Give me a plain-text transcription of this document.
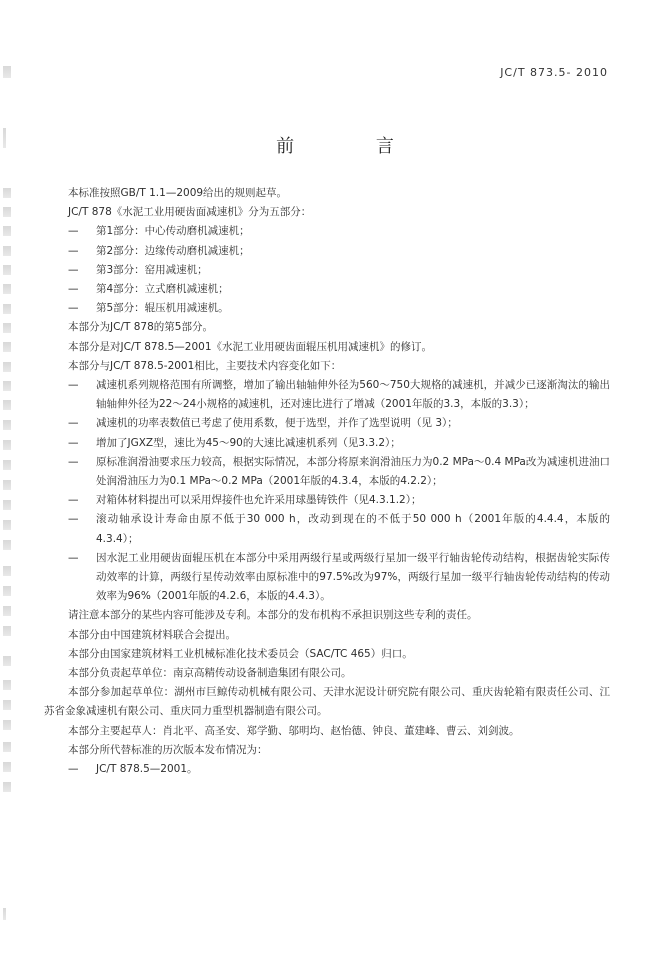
JC/T 873.5- 2010
前 言

本标准按照GB/T 1.1—2009给出的规则起草。

JC/T 878《水泥工业用硬齿面减速机》分为五部分：

—	第1部分：中心传动磨机减速机；
—	第2部分：边缘传动磨机减速机；
—	第3部分：窑用减速机；
—	第4部分：立式磨机减速机；
—	第5部分：辊压机用减速机。

本部分为JC/T 878的第5部分。

本部分是对JC/T 878.5—2001《水泥工业用硬齿面辊压机用减速机》的修订。

本部分与JC/T 878.5-2001相比，主要技术内容变化如下：

—	减速机系列规格范围有所调整，增加了输出轴轴伸外径为560～750大规格的减速机，并减少已逐渐淘汰的输出轴轴伸外径为22～24小规格的减速机，还对速比进行了增减（2001年版的3.3，本版的3.3）；
—	减速机的功率表数值已考虑了使用系数，便于选型，并作了选型说明（见 3）；
—	增加了JGXZ型，速比为45～90的大速比减速机系列（见3.3.2）；
—	原标准润滑油要求压力较高，根据实际情况，本部分将原来润滑油压力为0.2 MPa～0.4 MPa改为减速机进油口处润滑油压力为0.1 MPa～0.2 MPa（2001年版的4.3.4，本版的4.2.2）；
—	对箱体材料提出可以采用焊接件也允许采用球墨铸铁件（见4.3.1.2）；
—	滚动轴承设计寿命由原不低于30 000 h，改动到现在的不低于50 000 h（2001年版的4.4.4，本版的4.3.4）；
—	因水泥工业用硬齿面辊压机在本部分中采用两级行星或两级行星加一级平行轴齿轮传动结构，根据齿轮实际传动效率的计算，两级行星传动效率由原标准中的97.5%改为97%，两级行星加一级平行轴齿轮传动结构的传动效率为96%（2001年版的4.2.6，本版的4.4.3）。

请注意本部分的某些内容可能涉及专利。本部分的发布机构不承担识别这些专利的责任。

本部分由中国建筑材料联合会提出。

本部分由国家建筑材料工业机械标准化技术委员会（SAC/TC 465）归口。

本部分负责起草单位：南京高精传动设备制造集团有限公司。

本部分参加起草单位：湖州市巨鲸传动机械有限公司、天津水泥设计研究院有限公司、重庆齿轮箱有限责任公司、江苏省金象减速机有限公司、重庆同力重型机器制造有限公司。

本部分主要起草人：肖北平、高圣安、郑学勤、邬明均、赵怡德、钟良、董建峰、曹云、刘剑波。

本部分所代替标准的历次版本发布情况为：

—	JC/T 878.5—2001。
